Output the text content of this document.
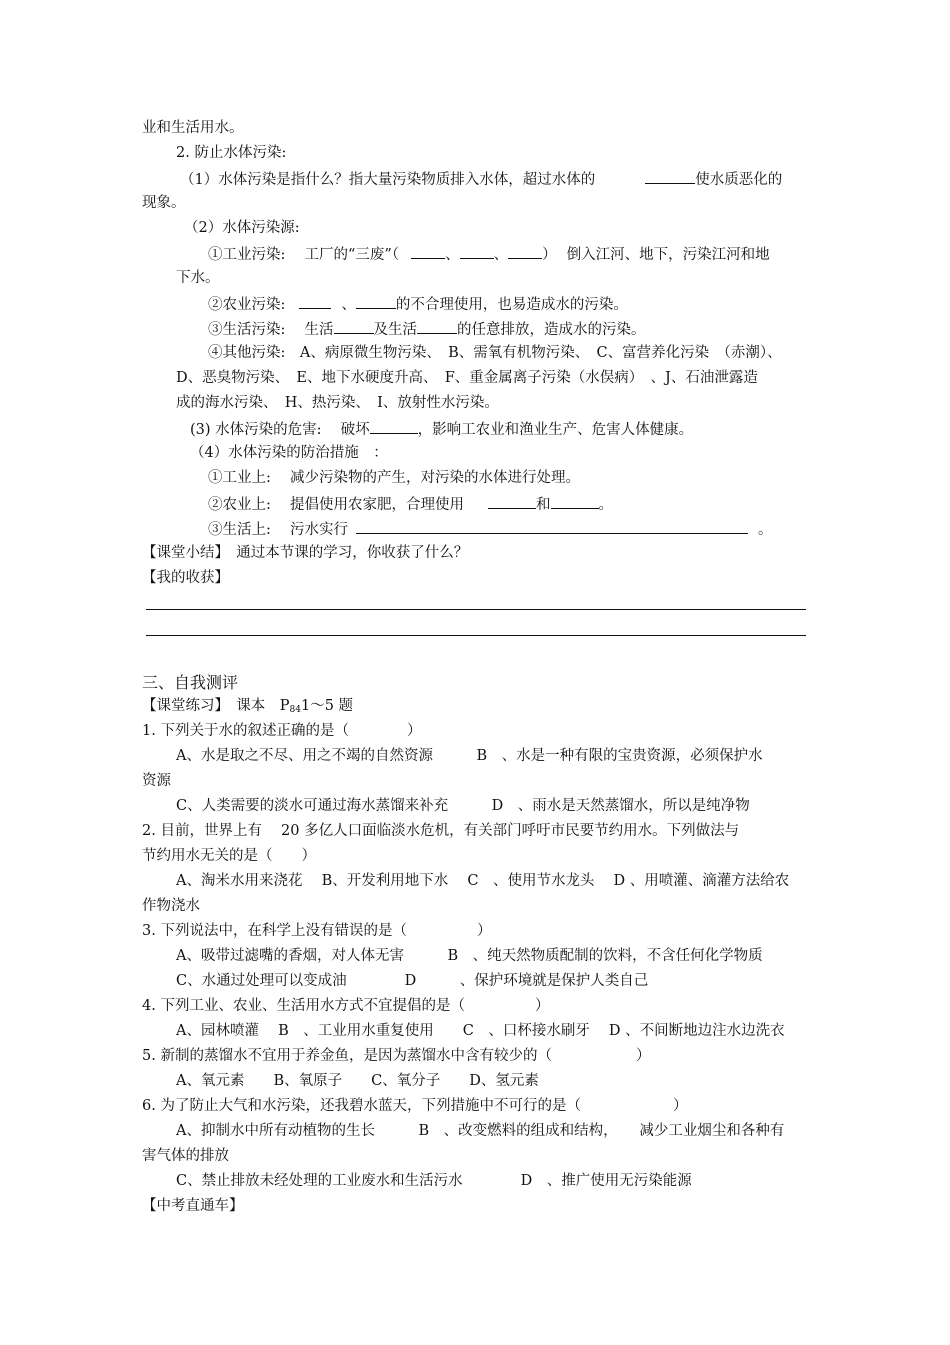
业和生活用水。
2. 防止水体污染:
（1）水体污染是指什么？指大量污染物质排入水体，超过水体的	使水质恶化的
现象。
（2）水体污染源:
①工业污染:　 工厂的“三废”（	、 、 ） 倒入江河、地下，污染江河和地
下水。
②农业污染:	、	的不合理使用，也易造成水的污染。
③生活污染:　 生活	及生活	的任意排放，造成水的污染。
④其他污染:　A、病原微生物污染、　B、需氧有机物污染、　C、富营养化污染　（赤潮）、
D、恶臭物污染、　E、地下水硬度升高、　F、重金属离子污染（水俣病）　、J、石油泄露造
成的海水污染、　H、热污染、　I、放射性水污染。
(3) 水体污染的危害:　 破坏	，影响工农业和渔业生产、危害人体健康。
（4）水体污染的防治措施　：
①工业上:　 减少污染物的产生，对污染的水体进行处理。
②农业上:　 提倡使用农家肥，合理使用	和	。
③生活上:　 污水实行	。
【课堂小结】　通过本节课的学习，你收获了什么？
【我的收获】
三、自我测评
【课堂练习】　课本　$P_{84}1\sim 5$ 题
1. 下列关于水的叙述正确的是（	）
A、水是取之不尽、用之不竭的自然资源　　　B　、水是一种有限的宝贵资源，必须保护水
资源
C、人类需要的淡水可通过海水蒸馏来补充　　　D　、雨水是天然蒸馏水，所以是纯净物
2. 目前，世界上有　 20 多亿人口面临淡水危机，有关部门呼吁市民要节约用水。下列做法与
节约用水无关的是（　　）
A、淘米水用来浇花　 B、开发利用地下水　 C　、使用节水龙头　 D 、用喷灌、滴灌方法给农
作物浇水
3. 下列说法中，在科学上没有错误的是（	）
A、吸带过滤嘴的香烟，对人体无害　　　B　、纯天然物质配制的饮料，不含任何化学物质
C、水通过处理可以变成油　　　　D　　　、保护环境就是保护人类自己
4. 下列工业、农业、生活用水方式不宜提倡的是（	）
A、园林喷灌　 B　、工业用水重复使用　　C　、口杯接水刷牙　 D 、不间断地边注水边洗衣
5. 新制的蒸馏水不宜用于养金鱼，是因为蒸馏水中含有较少的（	）
A、氧元素　　B、氧原子　　C、氧分子　　D、氢元素
6. 为了防止大气和水污染，还我碧水蓝天，下列措施中不可行的是（	）
A、抑制水中所有动植物的生长　　　B　、改变燃料的组成和结构，　　减少工业烟尘和各种有
害气体的排放
C、禁止排放未经处理的工业废水和生活污水　　　　D　、推广使用无污染能源
【中考直通车】
